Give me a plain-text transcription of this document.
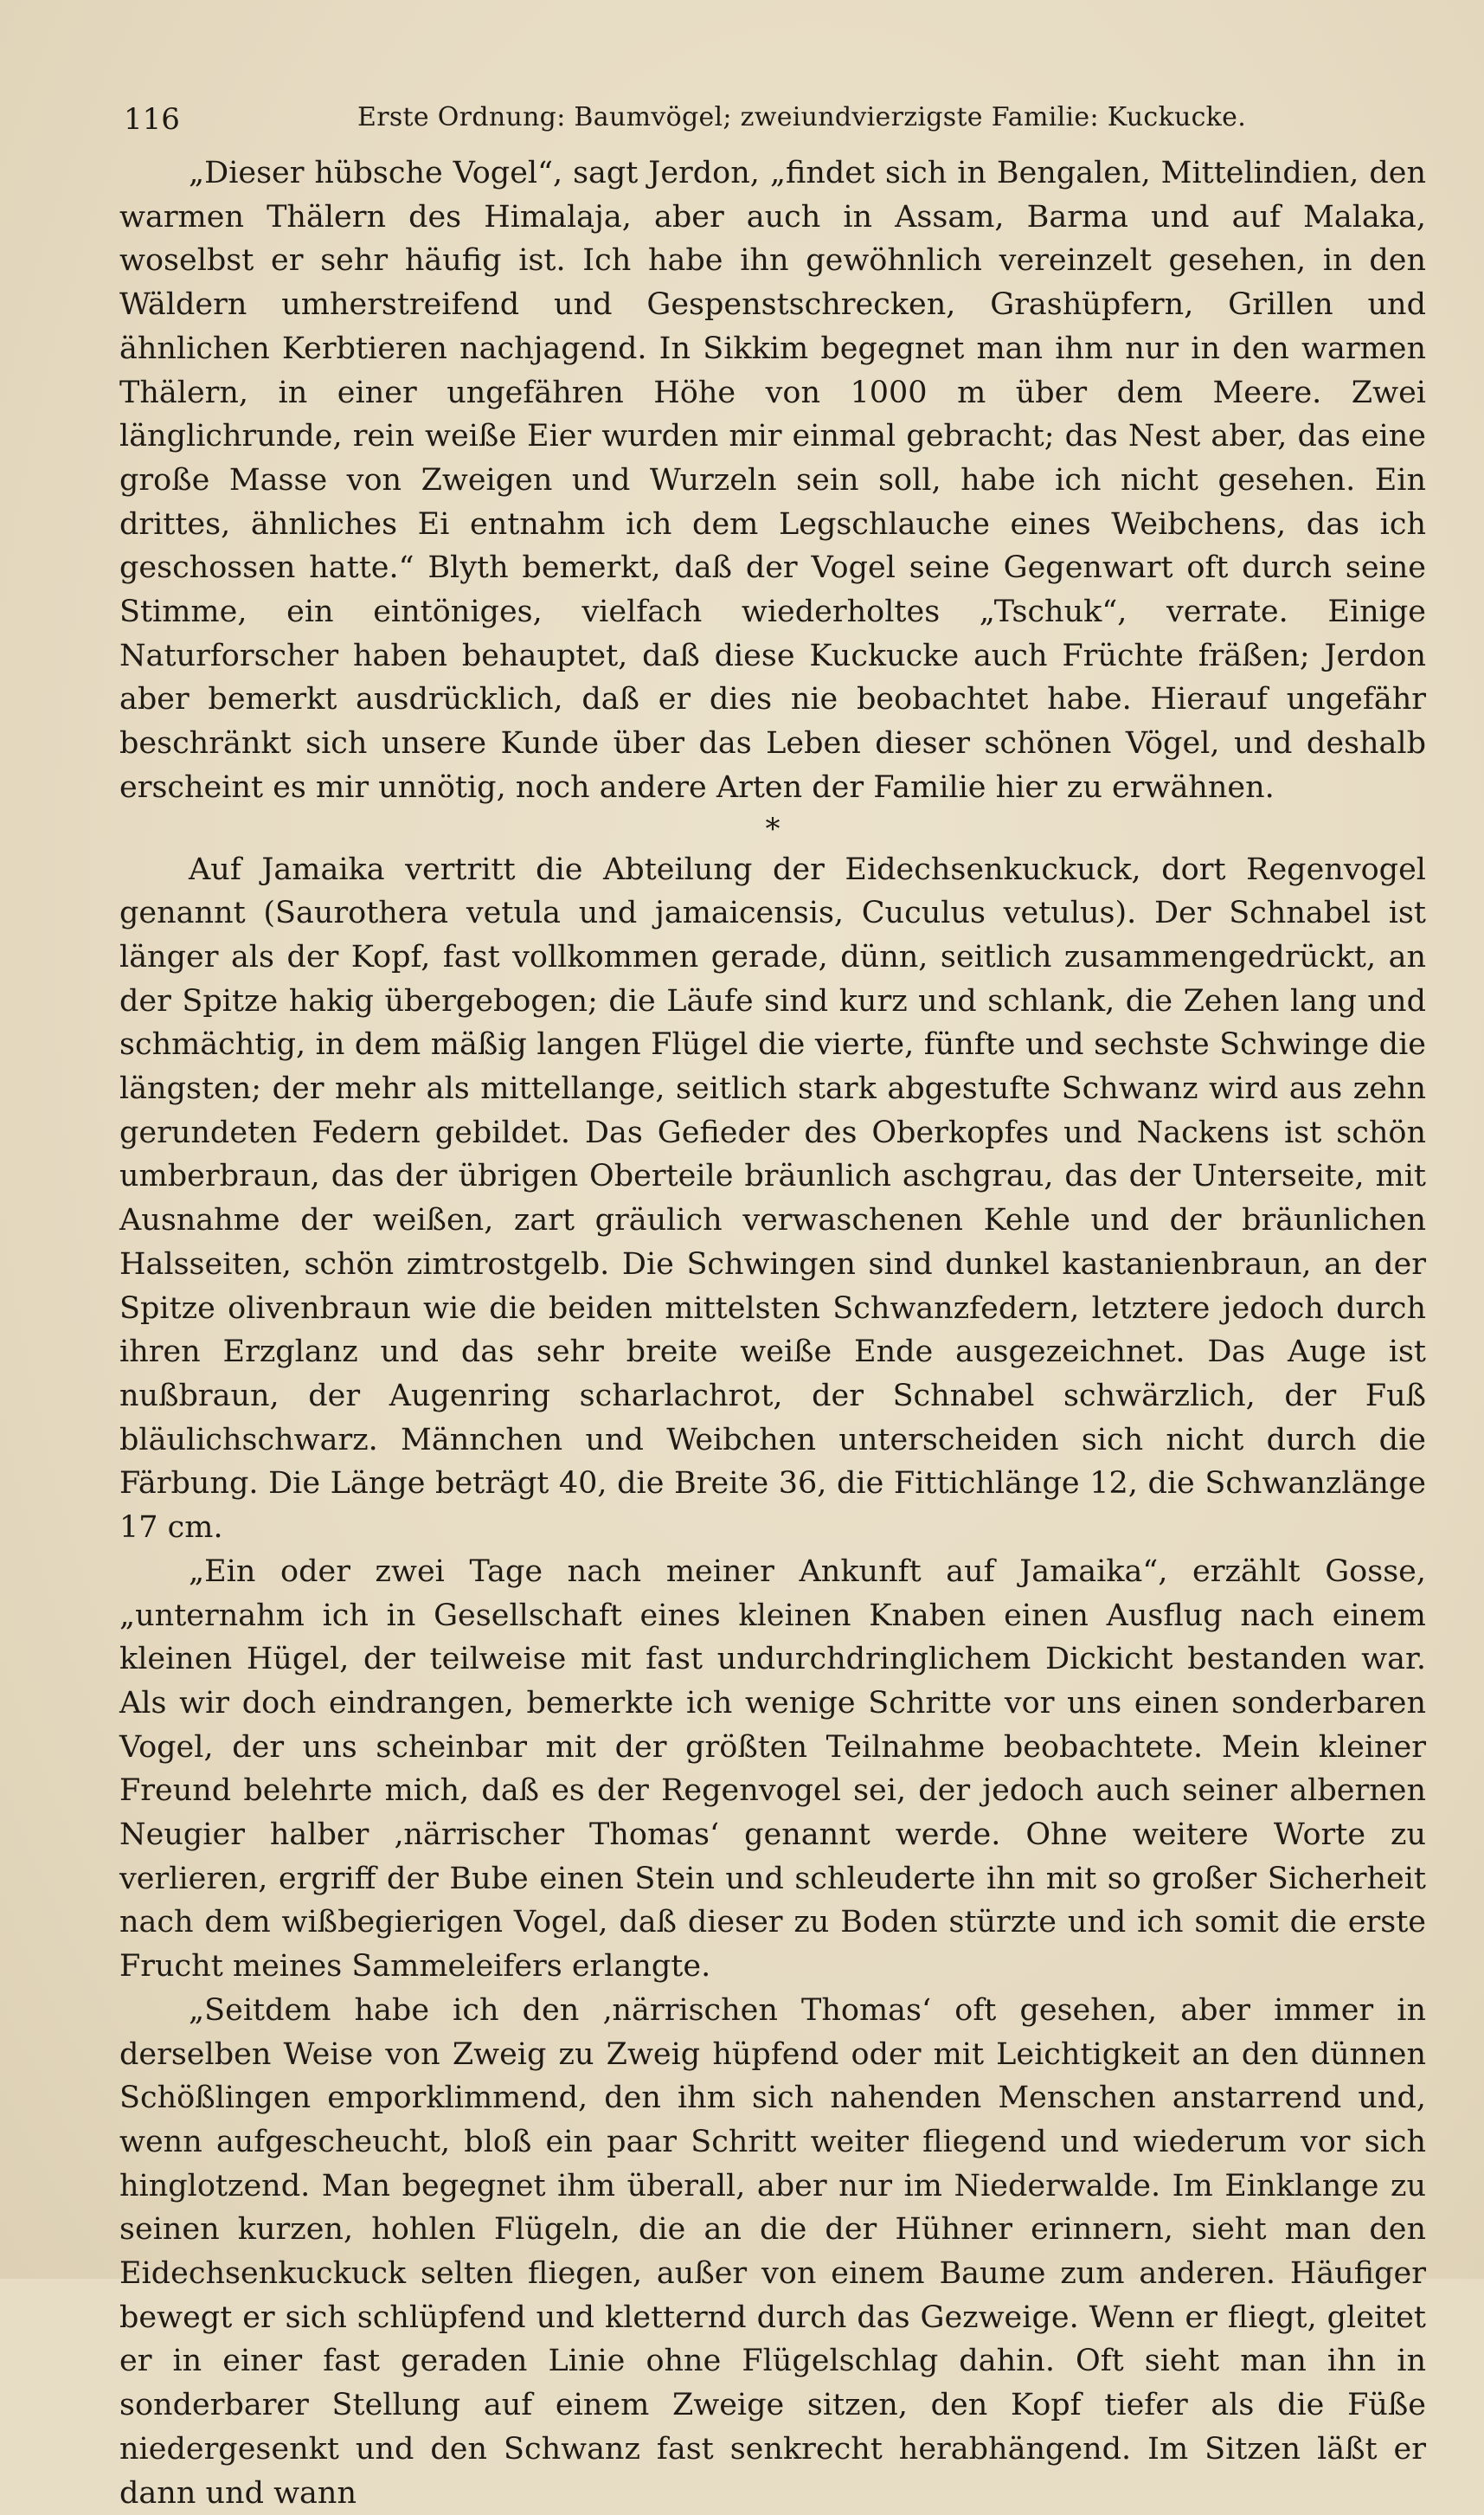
116	Erste Ordnung: Baumvögel; zweiundvierzigste Familie: Kuckucke.

„Dieser hübsche Vogel“, sagt Jerdon, „findet sich in Bengalen, Mittelindien, den warmen Thälern des Himalaja, aber auch in Assam, Barma und auf Malaka, woselbst er sehr häufig ist. Ich habe ihn gewöhnlich vereinzelt gesehen, in den Wäldern umherstreifend und Gespenstschrecken, Grashüpfern, Grillen und ähnlichen Kerbtieren nachjagend. In Sikkim begegnet man ihm nur in den warmen Thälern, in einer ungefähren Höhe von 1000 m über dem Meere. Zwei länglichrunde, rein weiße Eier wurden mir einmal gebracht; das Nest aber, das eine große Masse von Zweigen und Wurzeln sein soll, habe ich nicht gesehen. Ein drittes, ähnliches Ei entnahm ich dem Legschlauche eines Weibchens, das ich geschossen hatte.“ Blyth bemerkt, daß der Vogel seine Gegenwart oft durch seine Stimme, ein eintöniges, vielfach wiederholtes „Tschuk“, verrate. Einige Naturforscher haben behauptet, daß diese Kuckucke auch Früchte fräßen; Jerdon aber bemerkt ausdrücklich, daß er dies nie beobachtet habe. Hierauf ungefähr beschränkt sich unsere Kunde über das Leben dieser schönen Vögel, und deshalb erscheint es mir unnötig, noch andere Arten der Familie hier zu erwähnen.

*

Auf Jamaika vertritt die Abteilung der Eidechsenkuckuck, dort Regenvogel genannt (Saurothera vetula und jamaicensis, Cuculus vetulus). Der Schnabel ist länger als der Kopf, fast vollkommen gerade, dünn, seitlich zusammengedrückt, an der Spitze hakig übergebogen; die Läufe sind kurz und schlank, die Zehen lang und schmächtig, in dem mäßig langen Flügel die vierte, fünfte und sechste Schwinge die längsten; der mehr als mittellange, seitlich stark abgestufte Schwanz wird aus zehn gerundeten Federn gebildet. Das Gefieder des Oberkopfes und Nackens ist schön umberbraun, das der übrigen Oberteile bräunlich aschgrau, das der Unterseite, mit Ausnahme der weißen, zart gräulich verwaschenen Kehle und der bräunlichen Halsseiten, schön zimtrostgelb. Die Schwingen sind dunkel kastanienbraun, an der Spitze olivenbraun wie die beiden mittelsten Schwanzfedern, letztere jedoch durch ihren Erzglanz und das sehr breite weiße Ende ausgezeichnet. Das Auge ist nußbraun, der Augenring scharlachrot, der Schnabel schwärzlich, der Fuß bläulichschwarz. Männchen und Weibchen unterscheiden sich nicht durch die Färbung. Die Länge beträgt 40, die Breite 36, die Fittichlänge 12, die Schwanzlänge 17 cm.

„Ein oder zwei Tage nach meiner Ankunft auf Jamaika“, erzählt Gosse, „unternahm ich in Gesellschaft eines kleinen Knaben einen Ausflug nach einem kleinen Hügel, der teilweise mit fast undurchdringlichem Dickicht bestanden war. Als wir doch eindrangen, bemerkte ich wenige Schritte vor uns einen sonderbaren Vogel, der uns scheinbar mit der größten Teilnahme beobachtete. Mein kleiner Freund belehrte mich, daß es der Regenvogel sei, der jedoch auch seiner albernen Neugier halber ‚närrischer Thomas‘ genannt werde. Ohne weitere Worte zu verlieren, ergriff der Bube einen Stein und schleuderte ihn mit so großer Sicherheit nach dem wißbegierigen Vogel, daß dieser zu Boden stürzte und ich somit die erste Frucht meines Sammeleifers erlangte.

„Seitdem habe ich den ‚närrischen Thomas‘ oft gesehen, aber immer in derselben Weise von Zweig zu Zweig hüpfend oder mit Leichtigkeit an den dünnen Schößlingen emporklimmend, den ihm sich nahenden Menschen anstarrend und, wenn aufgescheucht, bloß ein paar Schritt weiter fliegend und wiederum vor sich hinglotzend. Man begegnet ihm überall, aber nur im Niederwalde. Im Einklange zu seinen kurzen, hohlen Flügeln, die an die der Hühner erinnern, sieht man den Eidechsenkuckuck selten fliegen, außer von einem Baume zum anderen. Häufiger bewegt er sich schlüpfend und kletternd durch das Gezweige. Wenn er fliegt, gleitet er in einer fast geraden Linie ohne Flügelschlag dahin. Oft sieht man ihn in sonderbarer Stellung auf einem Zweige sitzen, den Kopf tiefer als die Füße niedergesenkt und den Schwanz fast senkrecht herabhängend. Im Sitzen läßt er dann und wann
